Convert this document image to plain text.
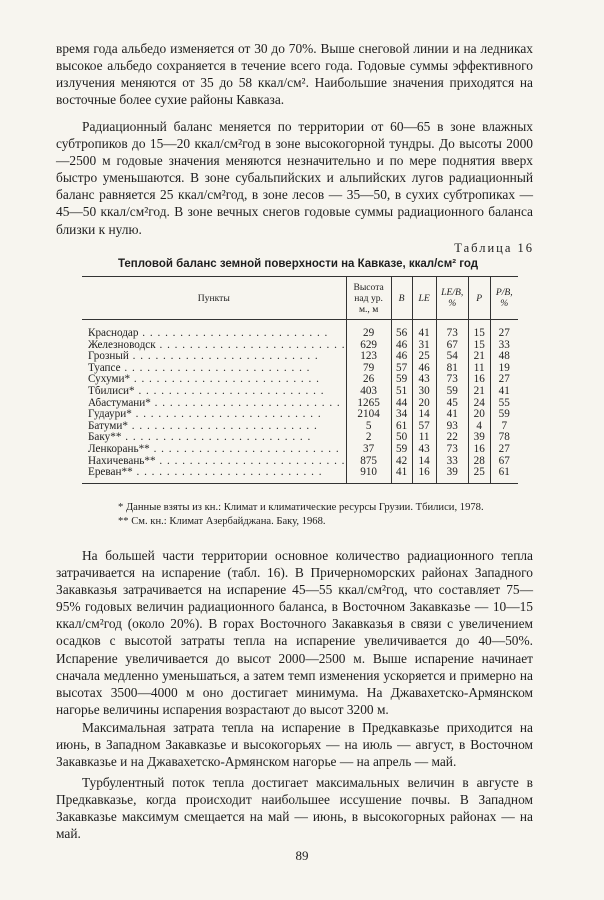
время года альбедо изменяется от 30 до 70%. Выше снеговой линии и на ледниках высокое альбедо сохраняется в течение всего года. Годовые суммы эффективного излучения меняются от 35 до 58 ккал/см². Наибольшие значения приходятся на восточные более сухие районы Кавказа.

Радиационный баланс меняется по территории от 60—65 в зоне влажных субтропиков до 15—20 ккал/см²год в зоне высокогорной тундры. До высоты 2000—2500 м годовые значения меняются незначительно и по мере поднятия вверх быстро уменьшаются. В зоне субальпийских и альпийских лугов радиационный баланс равняется 25 ккал/см²год, в зоне лесов — 35—50, в сухих субтропиках — 45—50 ккал/см²год. В зоне вечных снегов годовые суммы радиационного баланса близки к нулю.

Таблица 16
Тепловой баланс земной поверхности на Кавказе, ккал/см² год
Пункты	Высота над ур. м., м	B	LE	LE/B, %	P	P/B, %
Краснодар . . .	29	56	41	73	15	27
Железноводск . . .	629	46	31	67	15	33
Грозный . . .	123	46	25	54	21	48
Туапсе . . .	79	57	46	81	11	19
Сухуми* . . .	26	59	43	73	16	27
Тбилиси* . . .	403	51	30	59	21	41
Абастумани* . . .	1265	44	20	45	24	55
Гудаури* . . .	2104	34	14	41	20	59
Батуми* . . .	5	61	57	93	4	7
Баку** . . .	2	50	11	22	39	78
Ленкорань** . . .	37	59	43	73	16	27
Нахичевань** . . .	875	42	14	33	28	67
Ереван** . . .	910	41	16	39	25	61
* Данные взяты из кн.: Климат и климатические ресурсы Грузии. Тбилиси, 1978.
** См. кн.: Климат Азербайджана. Баку, 1968.

На большей части территории основное количество радиационного тепла затрачивается на испарение (табл. 16). В Причерноморских районах Западного Закавказья затрачивается на испарение 45—55 ккал/см²год, что составляет 75—95% годовых величин радиационного баланса, в Восточном Закавказье — 10—15 ккал/см²год (около 20%). В горах Восточного Закавказья в связи с увеличением осадков с высотой затраты тепла на испарение увеличивается до 40—50%. Испарение увеличивается до высот 2000—2500 м. Выше испарение начинает сначала медленно уменьшаться, а затем темп изменения ускоряется и примерно на высотах 3500—4000 м оно достигает минимума. На Джавахетско-Армянском нагорье величины испарения возрастают до высот 3200 м.

Максимальная затрата тепла на испарение в Предкавказье приходится на июнь, в Западном Закавказье и высокогорьях — на июль — август, в Восточном Закавказье и на Джавахетско-Армянском нагорье — на апрель — май.

Турбулентный поток тепла достигает максимальных величин в августе в Предкавказье, когда происходит наибольшее иссушение почвы. В Западном Закавказье максимум смещается на май — июнь, в высокогорных районах — на май.

89
